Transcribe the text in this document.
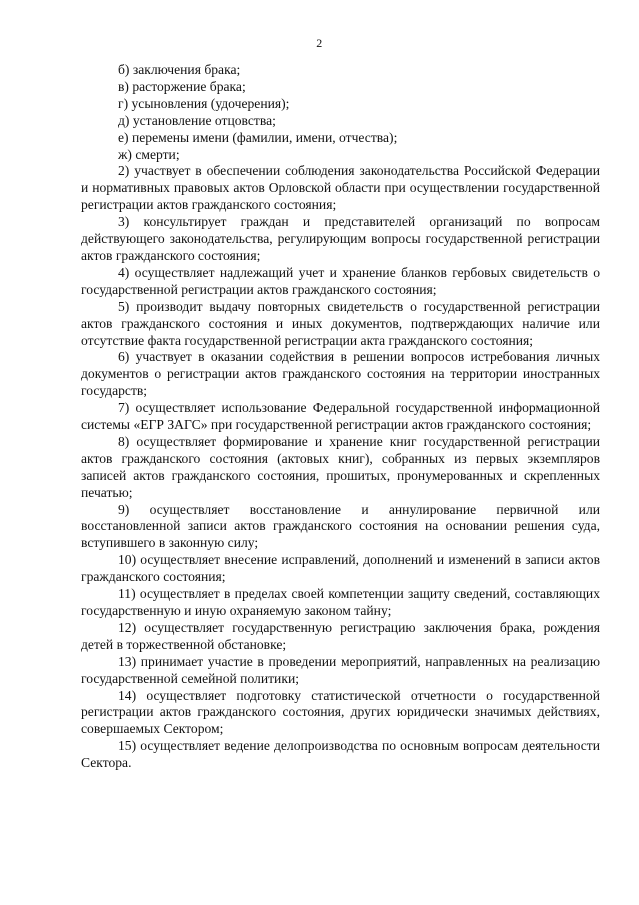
2

б) заключения брака;

в) расторжение брака;

г) усыновления (удочерения);

д) установление отцовства;

е) перемены имени (фамилии, имени, отчества);

ж) смерти;

2) участвует в обеспечении соблюдения законодательства Российской Федерации и нормативных правовых актов Орловской области при осуществлении государственной регистрации актов гражданского состояния;

3) консультирует граждан и представителей организаций по вопросам действующего законодательства, регулирующим вопросы государственной регистрации актов гражданского состояния;

4) осуществляет надлежащий учет и хранение бланков гербовых свидетельств о государственной регистрации актов гражданского состояния;

5) производит выдачу повторных свидетельств о государственной регистрации актов гражданского состояния и иных документов, подтверждающих наличие или отсутствие факта государственной регистрации акта гражданского состояния;

6) участвует в оказании содействия в решении вопросов истребования личных документов о регистрации актов гражданского состояния на территории иностранных государств;

7) осуществляет использование Федеральной государственной информационной системы «ЕГР ЗАГС» при государственной регистрации актов гражданского состояния;

8) осуществляет формирование и хранение книг государственной регистрации актов гражданского состояния (актовых книг), собранных из первых экземпляров записей актов гражданского состояния, прошитых, пронумерованных и скрепленных печатью;

9) осуществляет восстановление и аннулирование первичной или восстановленной записи актов гражданского состояния на основании решения суда, вступившего в законную силу;

10) осуществляет внесение исправлений, дополнений и изменений в записи актов гражданского состояния;

11) осуществляет в пределах своей компетенции защиту сведений, составляющих государственную и иную охраняемую законом тайну;

12) осуществляет государственную регистрацию заключения брака, рождения детей в торжественной обстановке;

13) принимает участие в проведении мероприятий, направленных на реализацию государственной семейной политики;

14) осуществляет подготовку статистической отчетности о государственной регистрации актов гражданского состояния, других юридически значимых действиях, совершаемых Сектором;

15) осуществляет ведение делопроизводства по основным вопросам деятельности Сектора.
